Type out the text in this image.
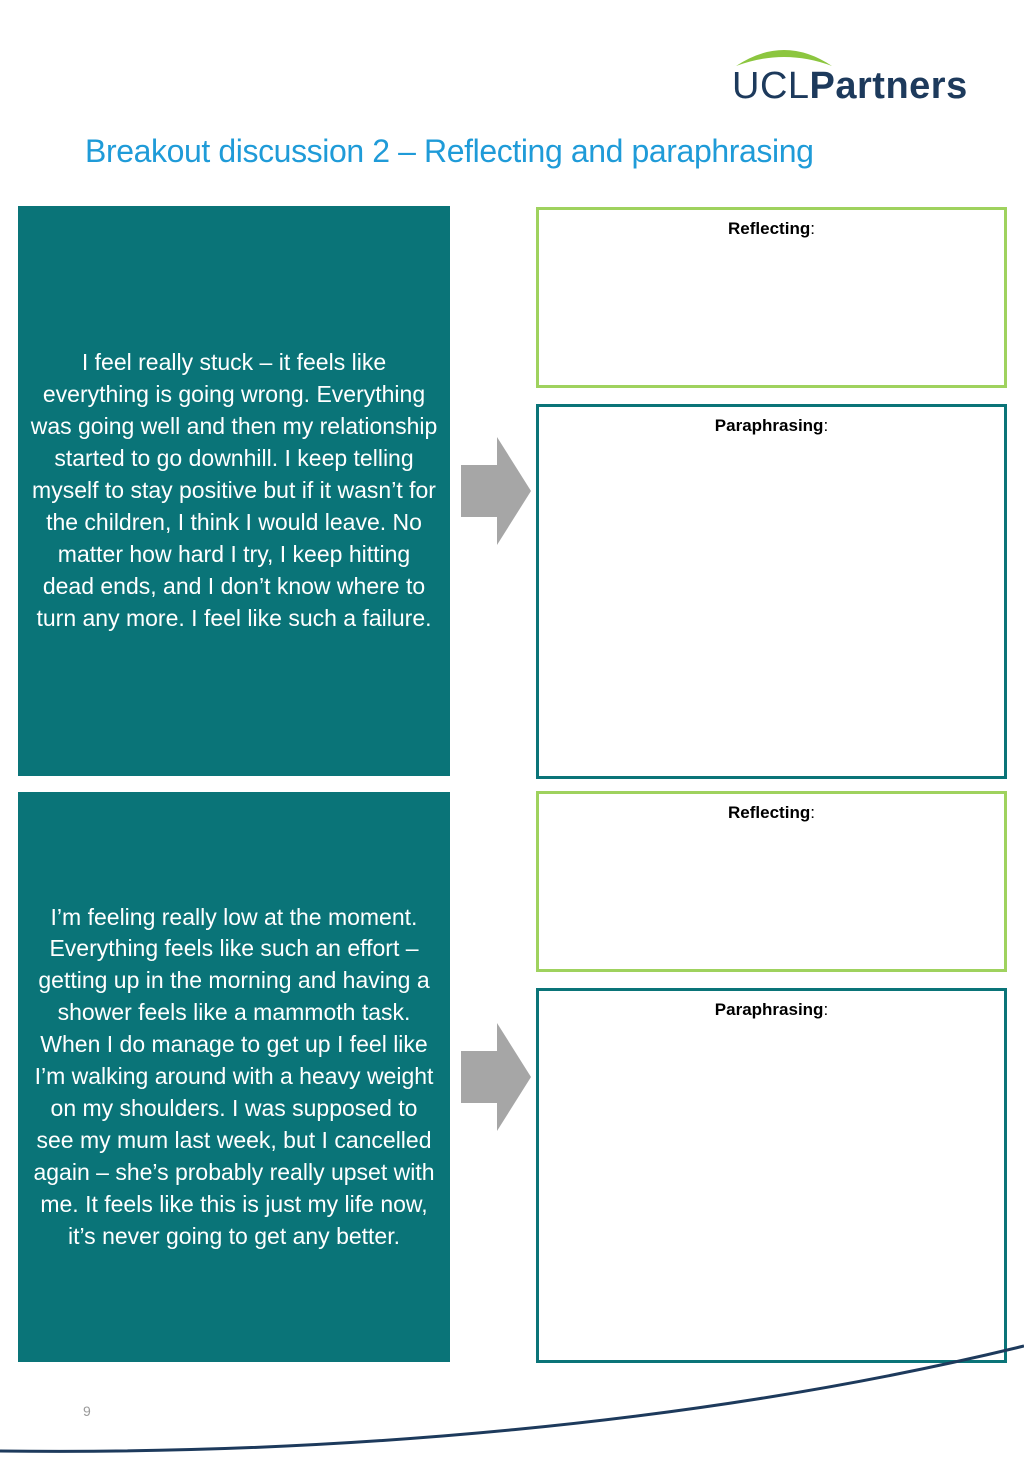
UCLPartners
Breakout discussion 2 – Reflecting and paraphrasing

I feel really stuck – it feels like everything is going wrong. Everything was going well and then my relationship started to go downhill. I keep telling myself to stay positive but if it wasn’t for the children, I think I would leave. No matter how hard I try, I keep hitting dead ends, and I don’t know where to turn any more. I feel like such a failure.

Reflecting:
Paraphrasing:

I’m feeling really low at the moment. Everything feels like such an effort – getting up in the morning and having a shower feels like a mammoth task. When I do manage to get up I feel like I’m walking around with a heavy weight on my shoulders. I was supposed to see my mum last week, but I cancelled again – she’s probably really upset with me. It feels like this is just my life now, it’s never going to get any better.

Reflecting:
Paraphrasing:
9
